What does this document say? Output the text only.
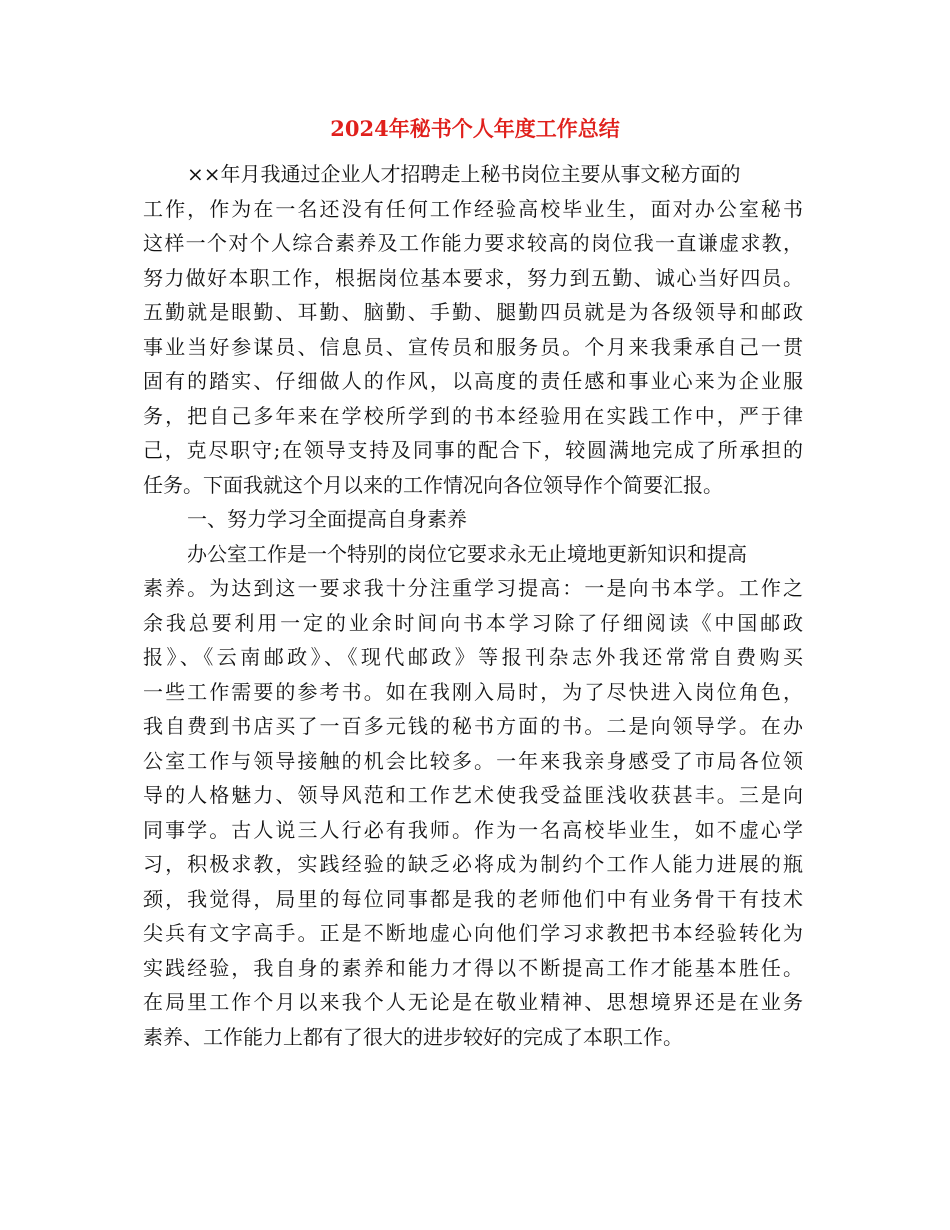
2024年秘书个人年度工作总结
××年月我通过企业人才招聘走上秘书岗位主要从事文秘方面的
工作，作为在一名还没有任何工作经验高校毕业生，面对办公室秘书
这样一个对个人综合素养及工作能力要求较高的岗位我一直谦虚求教，
努力做好本职工作，根据岗位基本要求，努力到五勤、诚心当好四员。
五勤就是眼勤、耳勤、脑勤、手勤、腿勤四员就是为各级领导和邮政
事业当好参谋员、信息员、宣传员和服务员。个月来我秉承自己一贯
固有的踏实、仔细做人的作风，以高度的责任感和事业心来为企业服
务，把自己多年来在学校所学到的书本经验用在实践工作中，严于律
己，克尽职守;在领导支持及同事的配合下，较圆满地完成了所承担的
任务。下面我就这个月以来的工作情况向各位领导作个简要汇报。
一、努力学习全面提高自身素养
办公室工作是一个特别的岗位它要求永无止境地更新知识和提高
素养。为达到这一要求我十分注重学习提高：一是向书本学。工作之
余我总要利用一定的业余时间向书本学习除了仔细阅读《中国邮政
报》、《云南邮政》、《现代邮政》等报刊杂志外我还常常自费购买
一些工作需要的参考书。如在我刚入局时，为了尽快进入岗位角色，
我自费到书店买了一百多元钱的秘书方面的书。二是向领导学。在办
公室工作与领导接触的机会比较多。一年来我亲身感受了市局各位领
导的人格魅力、领导风范和工作艺术使我受益匪浅收获甚丰。三是向
同事学。古人说三人行必有我师。作为一名高校毕业生，如不虚心学
习，积极求教，实践经验的缺乏必将成为制约个工作人能力进展的瓶
颈，我觉得，局里的每位同事都是我的老师他们中有业务骨干有技术
尖兵有文字高手。正是不断地虚心向他们学习求教把书本经验转化为
实践经验，我自身的素养和能力才得以不断提高工作才能基本胜任。
在局里工作个月以来我个人无论是在敬业精神、思想境界还是在业务
素养、工作能力上都有了很大的进步较好的完成了本职工作。
